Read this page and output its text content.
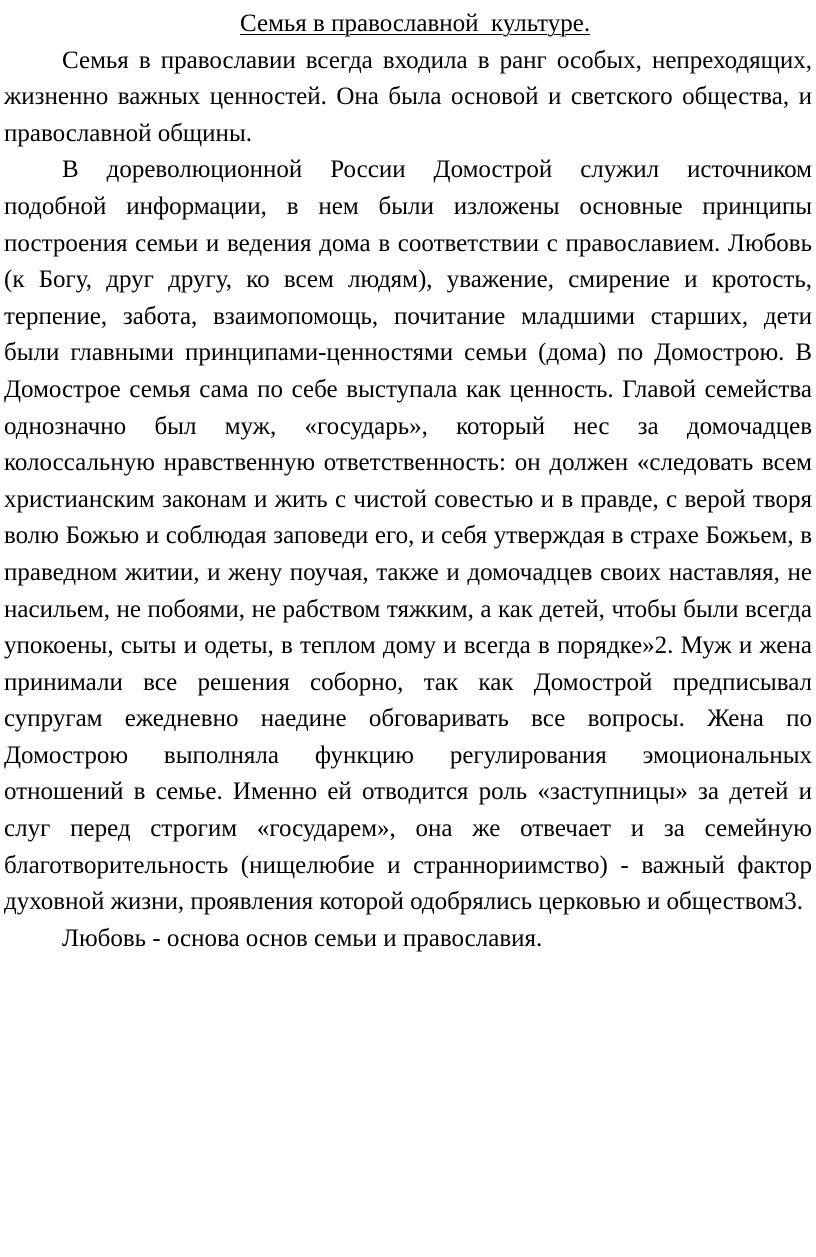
Семья в православной  культуре.

Семья в православии всегда входила в ранг особых, непреходящих, жизненно важных ценностей. Она была основой и светского общества, и православной общины.

В дореволюционной России Домострой служил источником подобной информации, в нем были изложены основные принципы построения семьи и ведения дома в соответствии с православием. Любовь (к Богу, друг другу, ко всем людям), уважение, смирение и кротость, терпение, забота, взаимопомощь, почитание младшими старших, дети были главными принципами-ценностями семьи (дома) по Домострою. В Домострое семья сама по себе выступала как ценность. Главой семейства однозначно был муж, «государь», который нес за домочадцев колоссальную нравственную ответственность: он должен «следовать всем христианским законам и жить с чистой совестью и в правде, с верой творя волю Божью и соблюдая заповеди его, и себя утверждая в страхе Божьем, в праведном житии, и жену поучая, также и домочадцев своих наставляя, не насильем, не побоями, не рабством тяжким, а как детей, чтобы были всегда упокоены, сыты и одеты, в теплом дому и всегда в порядке»2. Муж и жена принимали все решения соборно, так как Домострой предписывал супругам ежедневно наедине обговаривать все вопросы. Жена по Домострою выполняла функцию регулирования эмоциональных отношений в семье. Именно ей отводится роль «заступницы» за детей и слуг перед строгим «государем», она же отвечает и за семейную благотворительность (нищелюбие и страннориимство) - важный фактор духовной жизни, проявления которой одобрялись церковью и обществом3.

Любовь - основа основ семьи и православия.
